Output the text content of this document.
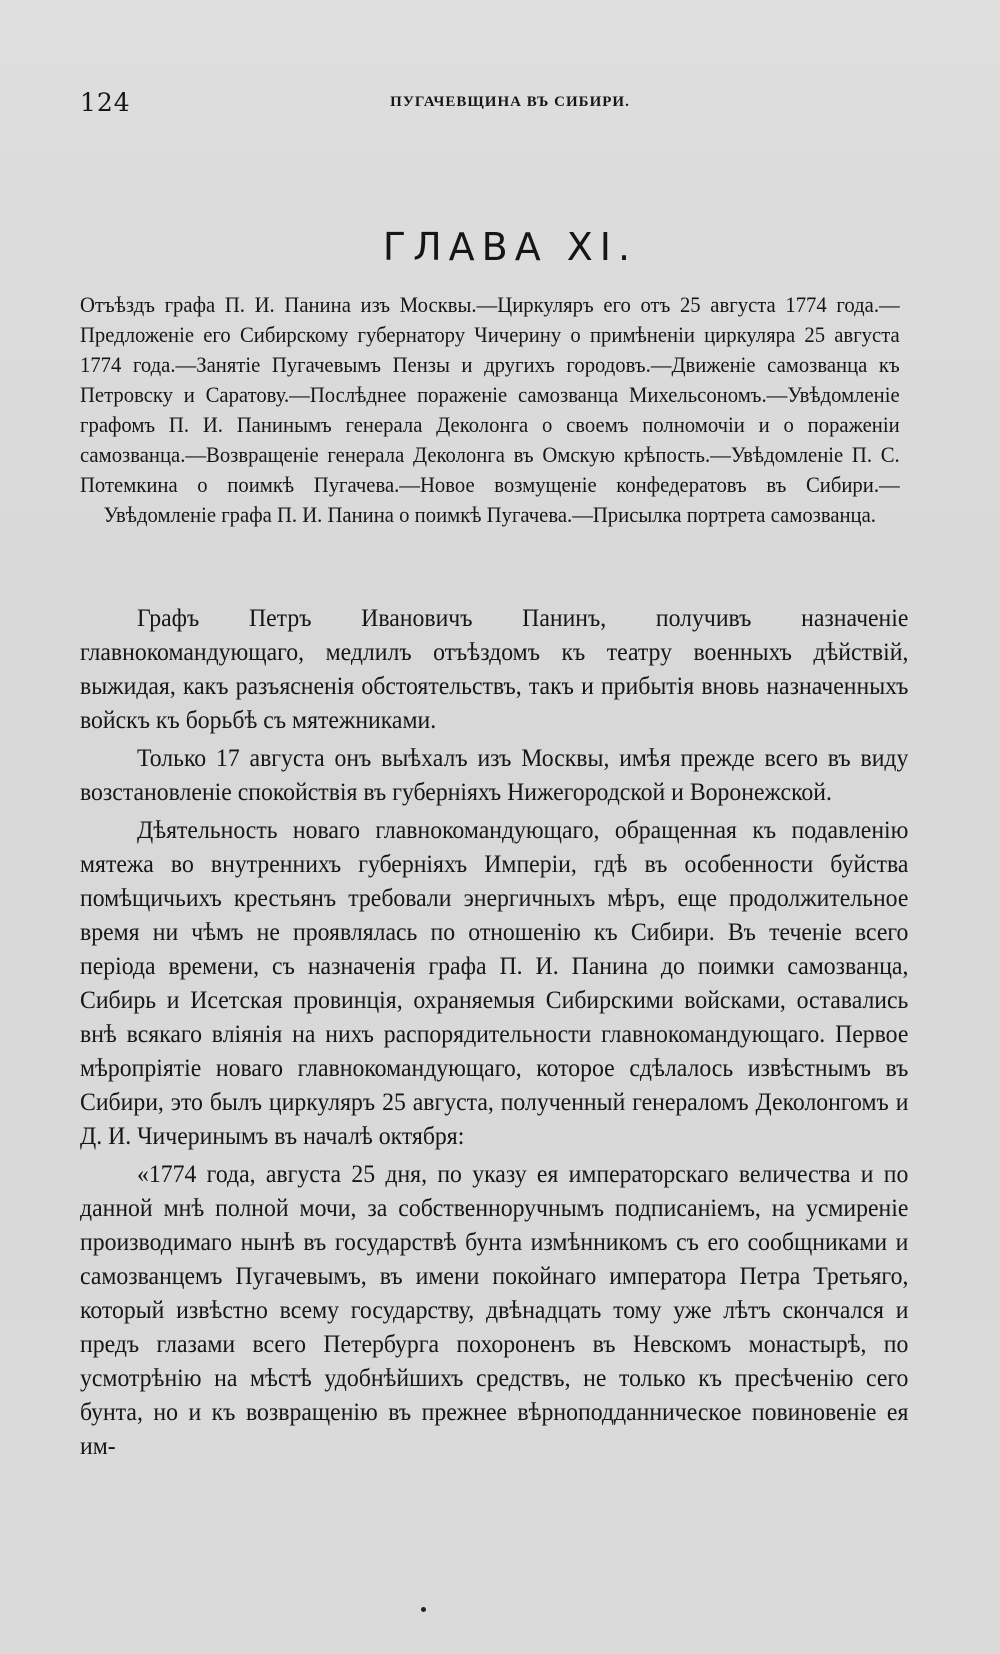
124	ПУГАЧЕВЩИНА ВЪ СИБИРИ.
ГЛАВА XI.
Отъѣздъ графа П. И. Панина изъ Москвы.—Циркуляръ его отъ 25 августа 1774 года.—Предложеніе его Сибирскому губернатору Чичерину о примѣненіи циркуляра 25 августа 1774 года.—Занятіе Пугачевымъ Пензы и другихъ городовъ.—Движеніе самозванца къ Петровску и Саратову.—Послѣднее пораженіе самозванца Михельсономъ.—Увѣдомленіе графомъ П. И. Панинымъ генерала Деколонга о своемъ полномочіи и о пораженіи самозванца.—Возвращеніе генерала Деколонга въ Омскую крѣпость.—Увѣдомленіе П. С. Потемкина о поимкѣ Пугачева.—Новое возмущеніе конфедератовъ въ Сибири.—Увѣдомленіе графа П. И. Панина о поимкѣ Пугачева.—Присылка портрета самозванца.

Графъ Петръ Ивановичъ Панинъ, получивъ назначеніе главнокомандующаго, медлилъ отъѣздомъ къ театру военныхъ дѣйствій, выжидая, какъ разъясненія обстоятельствъ, такъ и прибытія вновь назначенныхъ войскъ къ борьбѣ съ мятежниками.

Только 17 августа онъ выѣхалъ изъ Москвы, имѣя прежде всего въ виду возстановленіе спокойствія въ губерніяхъ Нижегородской и Воронежской.

Дѣятельность новаго главнокомандующаго, обращенная къ подавленію мятежа во внутреннихъ губерніяхъ Имперіи, гдѣ въ особенности буйства помѣщичьихъ крестьянъ требовали энергичныхъ мѣръ, еще продолжительное время ни чѣмъ не проявлялась по отношенію къ Сибири. Въ теченіе всего періода времени, съ назначенія графа П. И. Панина до поимки самозванца, Сибирь и Исетская провинція, охраняемыя Сибирскими войсками, оставались внѣ всякаго вліянія на нихъ распорядительности главнокомандующаго. Первое мѣропріятіе новаго главнокомандующаго, которое сдѣлалось извѣстнымъ въ Сибири, это былъ циркуляръ 25 августа, полученный генераломъ Деколонгомъ и Д. И. Чичеринымъ въ началѣ октября:

«1774 года, августа 25 дня, по указу ея императорскаго величества и по данной мнѣ полной мочи, за собственноручнымъ подписаніемъ, на усмиреніе производимаго нынѣ въ государствѣ бунта измѣнникомъ съ его сообщниками и самозванцемъ Пугачевымъ, въ имени покойнаго императора Петра Третьяго, который извѣстно всему государству, двѣнадцать тому уже лѣтъ скончался и предъ глазами всего Петербурга похороненъ въ Невскомъ монастырѣ, по усмотрѣнію на мѣстѣ удобнѣйшихъ средствъ, не только къ пресѣченію сего бунта, но и къ возвращенію въ прежнее вѣрноподданническое повиновеніе ея им-
